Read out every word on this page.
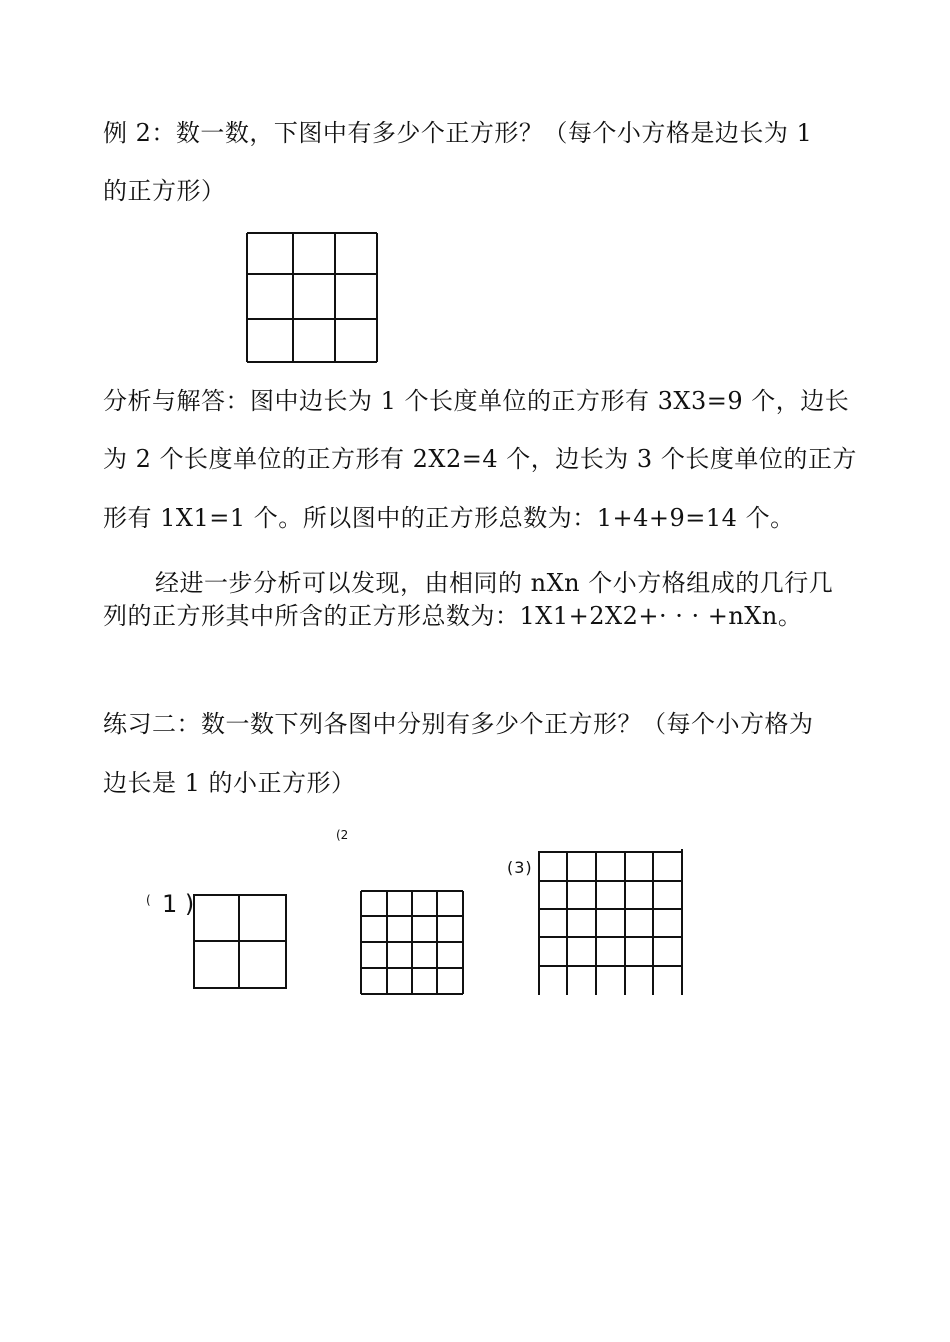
例 2：数一数，下图中有多少个正方形？（每个小方格是边长为 1

的正方形）

分析与解答：图中边长为 1 个长度单位的正方形有 3X3=9 个，边长

为 2 个长度单位的正方形有 2X2=4 个，边长为 3 个长度单位的正方

形有 1X1=1 个。所以图中的正方形总数为：1+4+9=14 个。

经进一步分析可以发现，由相同的 nXn 个小方格组成的几行几

列的正方形其中所含的正方形总数为：1X1+2X2+· · · +nXn。

练习二：数一数下列各图中分别有多少个正方形？（每个小方格为

边长是 1 的小正方形）

( 1 )
(2
(3)
